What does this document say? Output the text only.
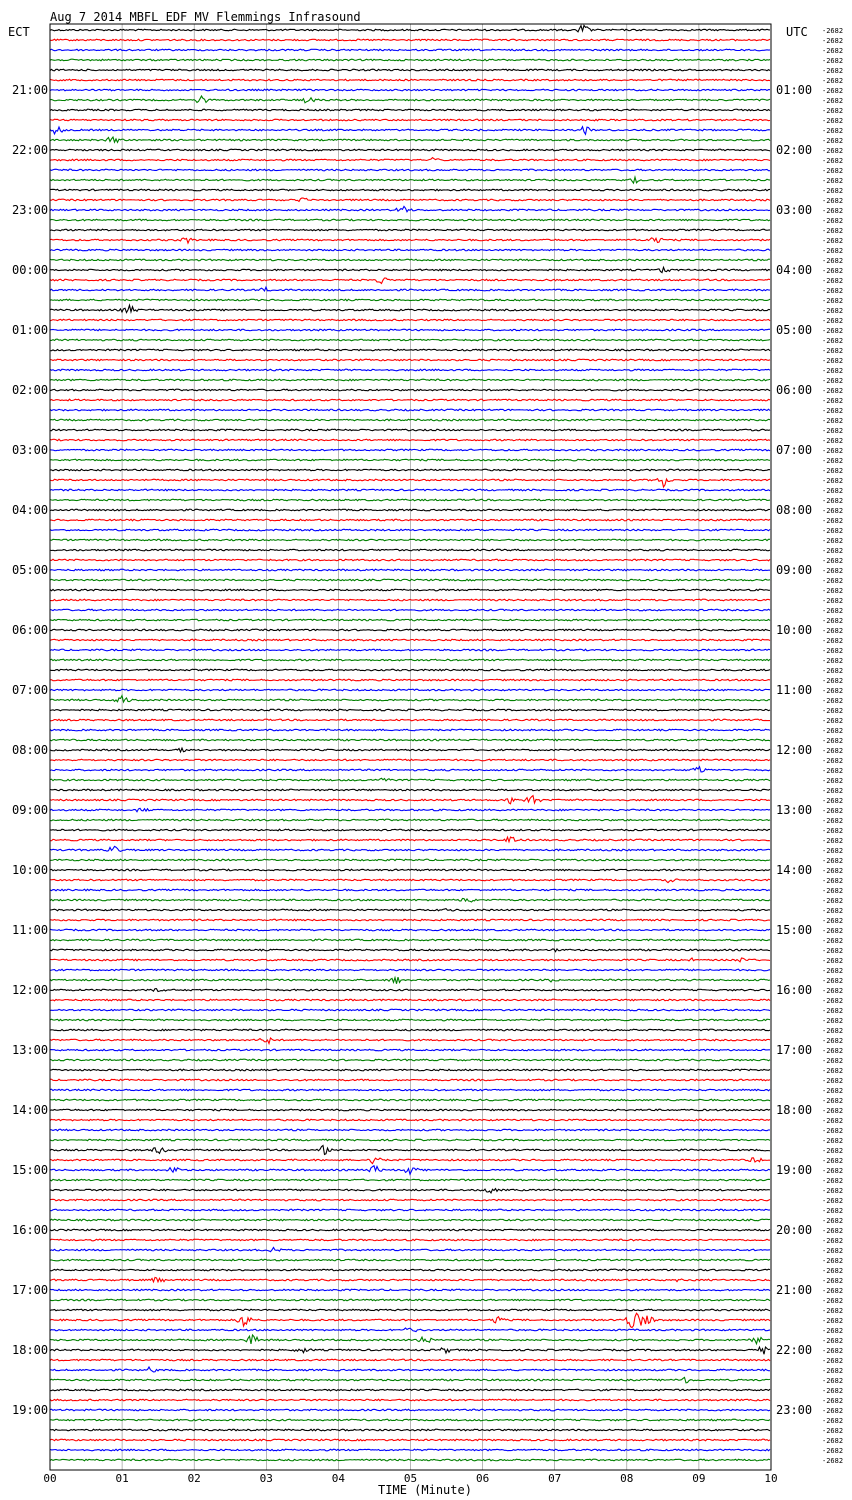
Aug 7 2014 MBFL EDF MV Flemmings Infrasound
ECT	UTC
21:00
22:00
23:00
00:00
01:00
02:00
03:00
04:00
05:00
06:00
07:00
08:00
09:00
10:00
11:00
12:00
13:00
14:00
15:00
16:00
17:00
18:00
19:00
01:00
02:00
03:00
04:00
05:00
06:00
07:00
08:00
09:00
10:00
11:00
12:00
13:00
14:00
15:00
16:00
17:00
18:00
19:00
20:00
21:00
22:00
23:00
-2682
-2682
-2682
-2682
-2682
-2682
-2682
-2682
-2682
-2682
-2682
-2682
-2682
-2682
-2682
-2682
-2682
-2682
-2682
-2682
-2682
-2682
-2682
-2682
-2682
-2682
-2682
-2682
-2682
-2682
-2682
-2682
-2682
-2682
-2682
-2682
-2682
-2682
-2682
-2682
-2682
-2682
-2682
-2682
-2682
-2682
-2682
-2682
-2682
-2682
-2682
-2682
-2682
-2682
-2682
-2682
-2682
-2682
-2682
-2682
-2682
-2682
-2682
-2682
-2682
-2682
-2682
-2682
-2682
-2682
-2682
-2682
-2682
-2682
-2682
-2682
-2682
-2682
-2682
-2682
-2682
-2682
-2682
-2682
-2682
-2682
-2682
-2682
-2682
-2682
-2682
-2682
-2682
-2682
-2682
-2682
-2682
-2682
-2682
-2682
-2682
-2682
-2682
-2682
-2682
-2682
-2682
-2682
-2682
-2682
-2682
-2682
-2682
-2682
-2682
-2682
-2682
-2682
-2682
-2682
-2682
-2682
-2682
-2682
-2682
-2682
-2682
-2682
-2682
-2682
-2682
-2682
-2682
-2682
-2682
-2682
-2682
-2682
-2682
-2682
-2682
-2682
-2682
-2682
00	01	02	03	04	05	06	07	08	09	10
TIME (Minute)
